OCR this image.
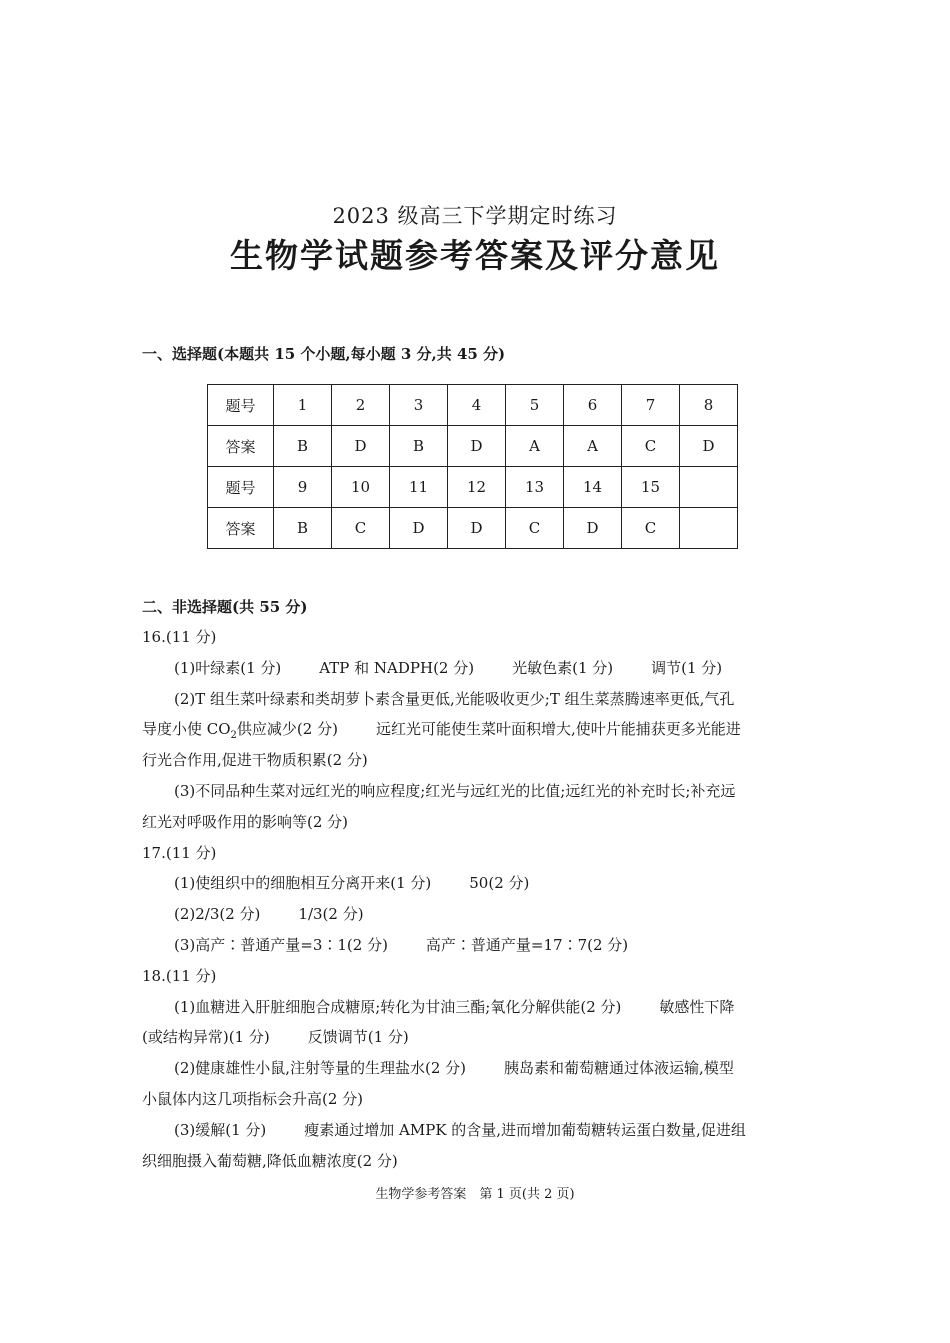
2023 级高三下学期定时练习
生物学试题参考答案及评分意见
一、选择题(本题共 15 个小题,每小题 3 分,共 45 分)
题号	1	2	3	4	5	6	7	8
答案	B	D	B	D	A	A	C	D
题号	9	10	11	12	13	14	15	
答案	B	C	D	D	C	D	C	
二、非选择题(共 55 分)
16.(11 分)
(1)叶绿素(1 分)	ATP 和 NADPH(2 分)	光敏色素(1 分)	调节(1 分)
(2)T 组生菜叶绿素和类胡萝卜素含量更低,光能吸收更少;T 组生菜蒸腾速率更低,气孔
导度小使 $CO_2$供应减少(2 分)	远红光可能使生菜叶面积增大,使叶片能捕获更多光能进
行光合作用,促进干物质积累(2 分)
(3)不同品种生菜对远红光的响应程度;红光与远红光的比值;远红光的补充时长;补充远
红光对呼吸作用的影响等(2 分)
17.(11 分)
(1)使组织中的细胞相互分离开来(1 分)	50(2 分)
(2)2/3(2 分)	1/3(2 分)
(3)高产∶普通产量=3∶1(2 分)	高产∶普通产量=17∶7(2 分)
18.(11 分)
(1)血糖进入肝脏细胞合成糖原;转化为甘油三酯;氧化分解供能(2 分)	敏感性下降
(或结构异常)(1 分)	反馈调节(1 分)
(2)健康雄性小鼠,注射等量的生理盐水(2 分)	胰岛素和葡萄糖通过体液运输,模型
小鼠体内这几项指标会升高(2 分)
(3)缓解(1 分)	瘦素通过增加 AMPK 的含量,进而增加葡萄糖转运蛋白数量,促进组
织细胞摄入葡萄糖,降低血糖浓度(2 分)
生物学参考答案　第 1 页(共 2 页)
